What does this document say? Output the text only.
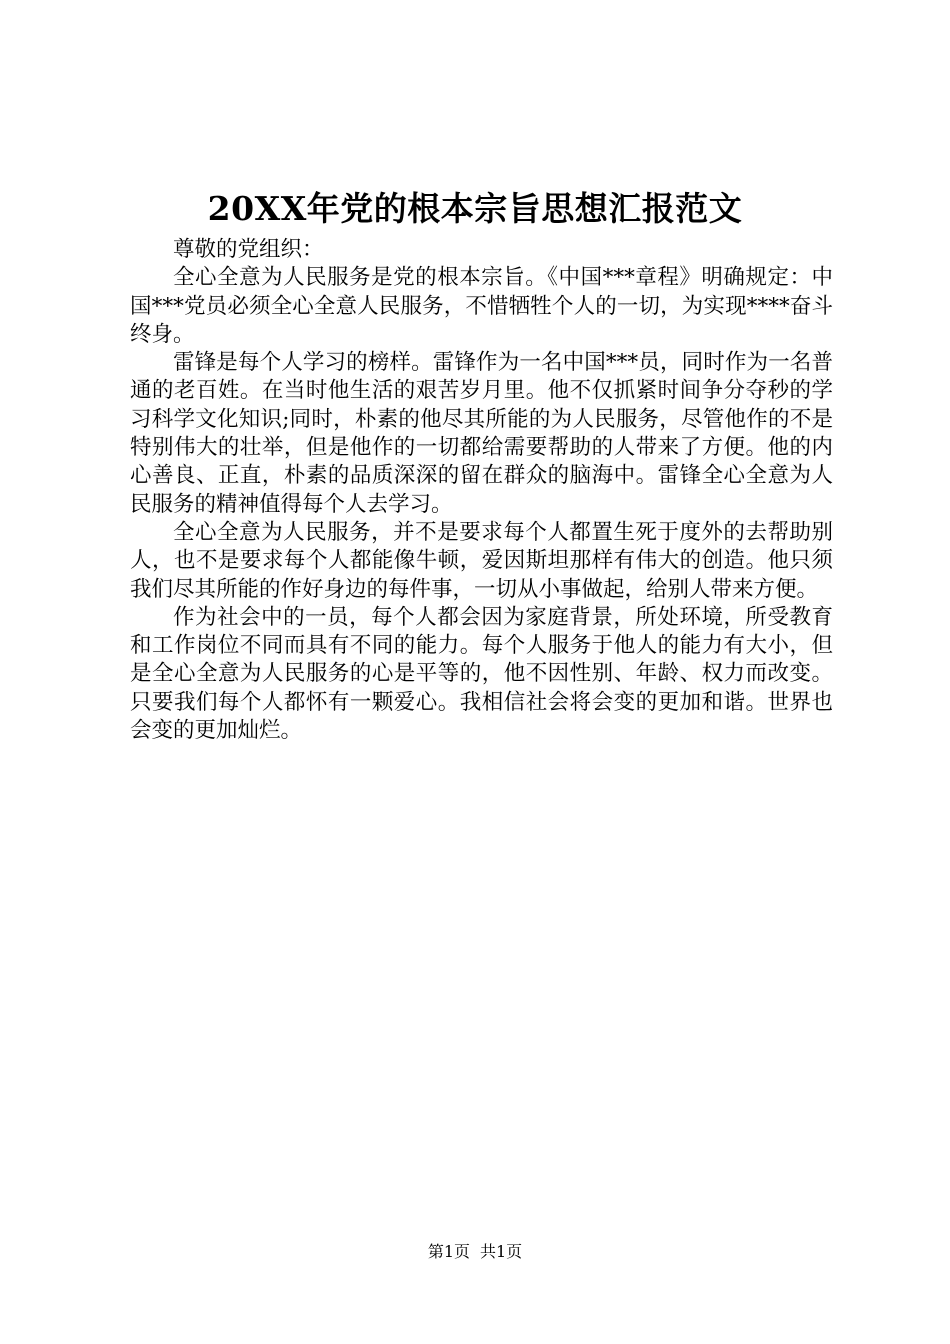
20XX年党的根本宗旨思想汇报范文

尊敬的党组织：

全心全意为人民服务是党的根本宗旨。《中国***章程》明确规定：中国***党员必须全心全意人民服务，不惜牺牲个人的一切，为实现****奋斗终身。

雷锋是每个人学习的榜样。雷锋作为一名中国***员，同时作为一名普通的老百姓。在当时他生活的艰苦岁月里。他不仅抓紧时间争分夺秒的学习科学文化知识;同时，朴素的他尽其所能的为人民服务，尽管他作的不是特别伟大的壮举，但是他作的一切都给需要帮助的人带来了方便。他的内心善良、正直，朴素的品质深深的留在群众的脑海中。雷锋全心全意为人民服务的精神值得每个人去学习。

全心全意为人民服务，并不是要求每个人都置生死于度外的去帮助别人，也不是要求每个人都能像牛顿，爱因斯坦那样有伟大的创造。他只须我们尽其所能的作好身边的每件事，一切从小事做起，给别人带来方便。

作为社会中的一员，每个人都会因为家庭背景，所处环境，所受教育和工作岗位不同而具有不同的能力。每个人服务于他人的能力有大小，但是全心全意为人民服务的心是平等的，他不因性别、年龄、权力而改变。只要我们每个人都怀有一颗爱心。我相信社会将会变的更加和谐。世界也会变的更加灿烂。

第1页 共1页
